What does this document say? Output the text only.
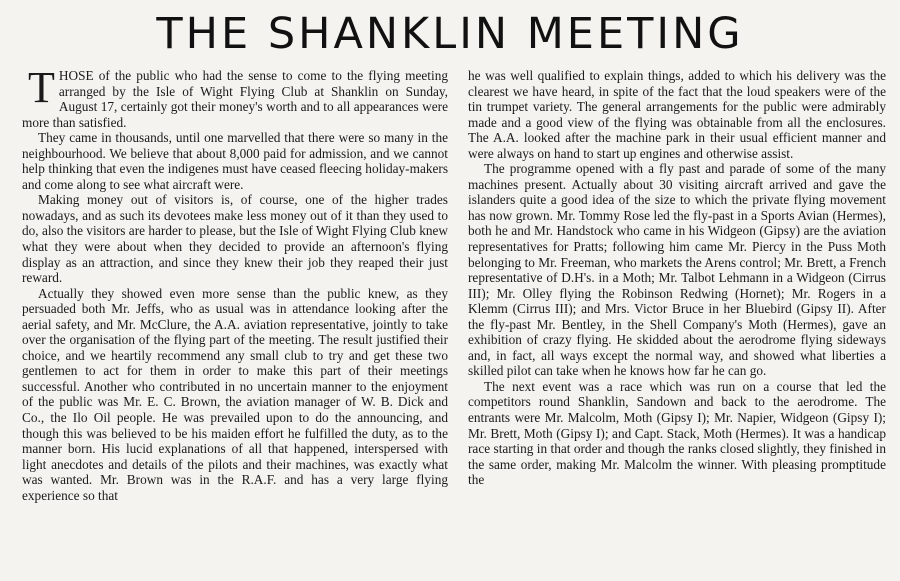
THE SHANKLIN MEETING

THOSE of the public who had the sense to come to the flying meeting arranged by the Isle of Wight Flying Club at Shanklin on Sunday, August 17, certainly got their money's worth and to all appearances were more than satisfied.

They came in thousands, until one marvelled that there were so many in the neighbourhood. We believe that about 8,000 paid for admission, and we cannot help thinking that even the indigenes must have ceased fleecing holiday-makers and come along to see what aircraft were.

Making money out of visitors is, of course, one of the higher trades nowadays, and as such its devotees make less money out of it than they used to do, also the visitors are harder to please, but the Isle of Wight Flying Club knew what they were about when they decided to provide an afternoon's flying display as an attraction, and since they knew their job they reaped their just reward.

Actually they showed even more sense than the public knew, as they persuaded both Mr. Jeffs, who as usual was in attendance looking after the aerial safety, and Mr. McClure, the A.A. aviation representative, jointly to take over the organisation of the flying part of the meeting. The result justified their choice, and we heartily recommend any small club to try and get these two gentlemen to act for them in order to make this part of their meetings successful. Another who contributed in no uncertain manner to the enjoyment of the public was Mr. E. C. Brown, the aviation manager of W. B. Dick and Co., the Ilo Oil people. He was prevailed upon to do the announcing, and though this was believed to be his maiden effort he fulfilled the duty, as to the manner born. His lucid explanations of all that happened, interspersed with light anecdotes and details of the pilots and their machines, was exactly what was wanted. Mr. Brown was in the R.A.F. and has a very large flying experience so that

he was well qualified to explain things, added to which his delivery was the clearest we have heard, in spite of the fact that the loud speakers were of the tin trumpet variety. The general arrangements for the public were admirably made and a good view of the flying was obtainable from all the enclosures. The A.A. looked after the machine park in their usual efficient manner and were always on hand to start up engines and otherwise assist.

The programme opened with a fly past and parade of some of the many machines present. Actually about 30 visiting aircraft arrived and gave the islanders quite a good idea of the size to which the private flying movement has now grown. Mr. Tommy Rose led the fly-past in a Sports Avian (Hermes), both he and Mr. Handstock who came in his Widgeon (Gipsy) are the aviation representatives for Pratts; following him came Mr. Piercy in the Puss Moth belonging to Mr. Freeman, who markets the Arens control; Mr. Brett, a French representative of D.H's. in a Moth; Mr. Talbot Lehmann in a Widgeon (Cirrus III); Mr. Olley flying the Robinson Redwing (Hornet); Mr. Rogers in a Klemm (Cirrus III); and Mrs. Victor Bruce in her Bluebird (Gipsy II). After the fly-past Mr. Bentley, in the Shell Company's Moth (Hermes), gave an exhibition of crazy flying. He skidded about the aerodrome flying sideways and, in fact, all ways except the normal way, and showed what liberties a skilled pilot can take when he knows how far he can go.

The next event was a race which was run on a course that led the competitors round Shanklin, Sandown and back to the aerodrome. The entrants were Mr. Malcolm, Moth (Gipsy I); Mr. Napier, Widgeon (Gipsy I); Mr. Brett, Moth (Gipsy I); and Capt. Stack, Moth (Hermes). It was a handicap race starting in that order and though the ranks closed slightly, they finished in the same order, making Mr. Malcolm the winner. With pleasing promptitude the
